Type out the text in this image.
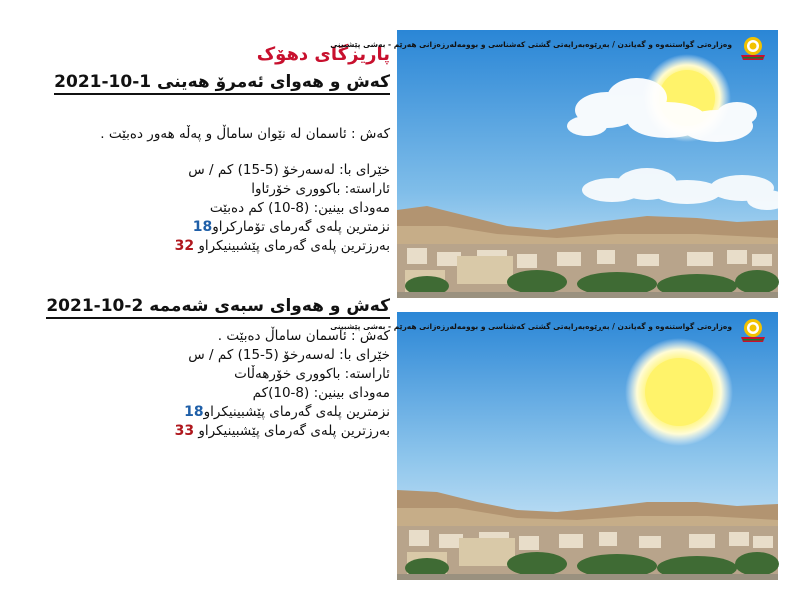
پاریزگای دهۆک
کەش و هەوای ئەمرۆ هەینی 1-10-2021
کەش : ئاسمان لە نێوان ساماڵ و پەڵە هەور دەبێت .
خێرای با: لەسەرخۆ (5-15) کم / س
ئاراستە: باکووری خۆرئاوا
مەودای بینین: (8-10) کم دەبێت
نزمترین پلەی گەرمای تۆمارکراو18
بەرزترین پلەی گەرمای پێشبینیکراو 32
کەش و هەوای سبەی شەممە 2-10-2021
کەش : ئاسمان ساماڵ دەبێت .
خێرای با: لەسەرخۆ (5-15) کم / س
ئاراستە: باکووری خۆرهەڵات
مەودای بینین: (8-10)کم
نزمترین پلەی گەرمای پێشبینیکراو18
بەرزترین پلەی گەرمای پێشبینیکراو 33
وەزارەتی گواستنەوە و گەیاندن / بەڕێوەبەرایەتی گشتی کەشناسی و بوومەلەرزەزانی هەرێم - بەشی پێشبینی
وەزارەتی گواستنەوە و گەیاندن / بەڕێوەبەرایەتی گشتی کەشناسی و بوومەلەرزەزانی هەرێم - بەشی پێشبینی
